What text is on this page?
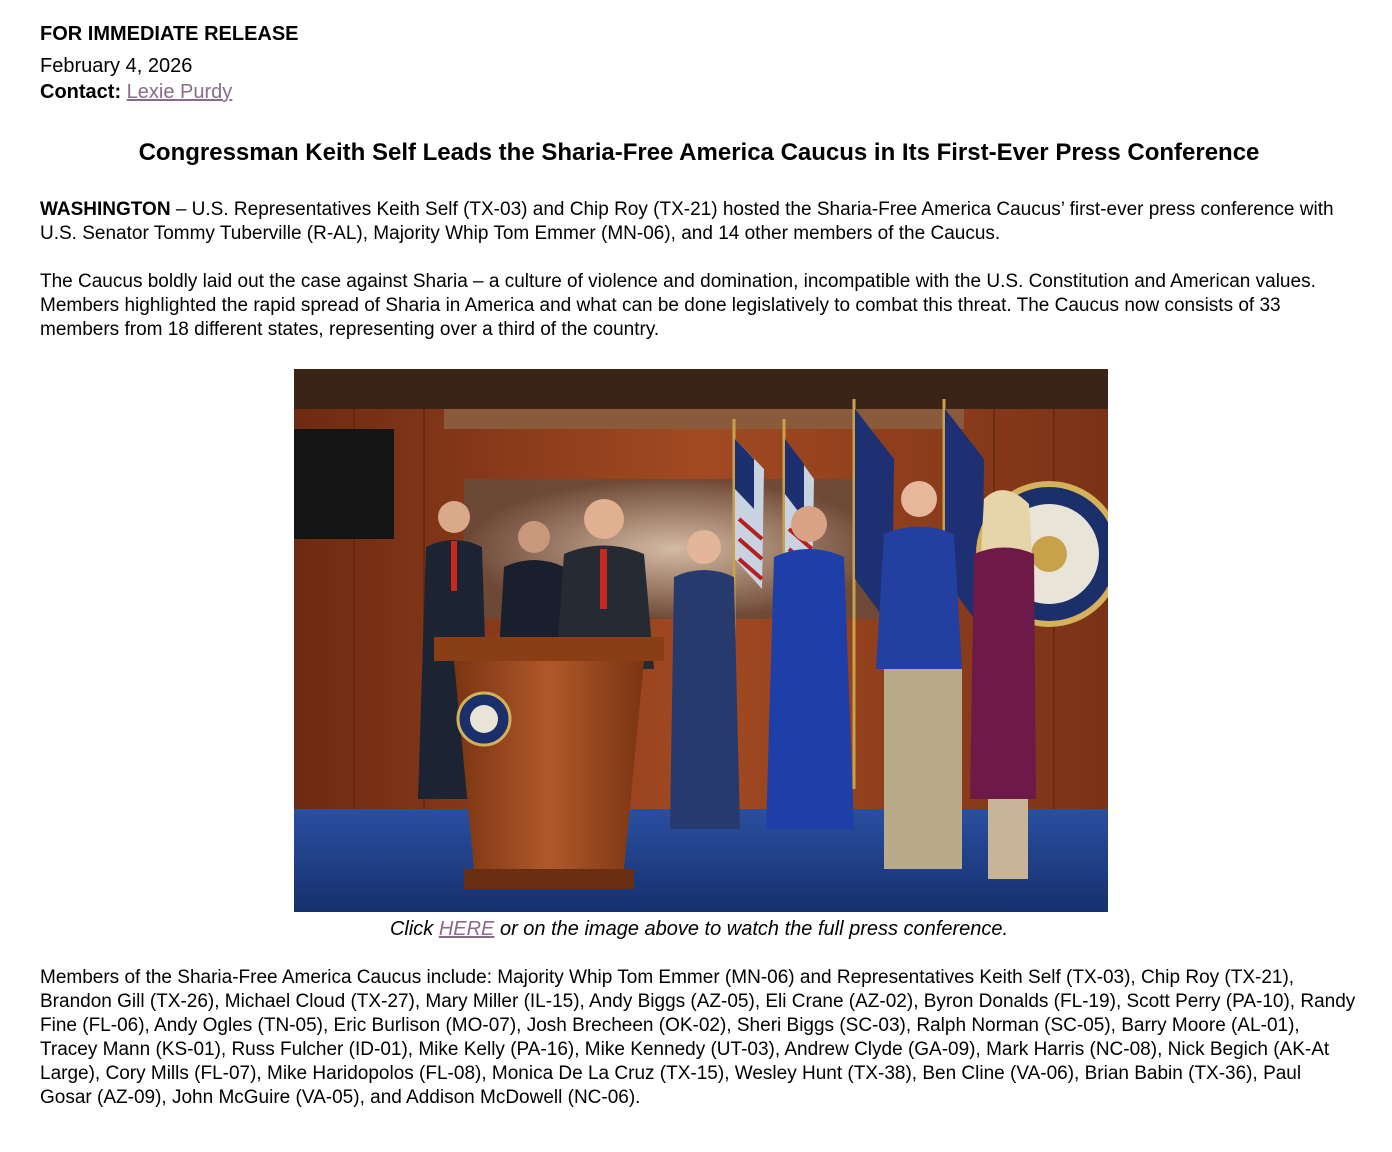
FOR IMMEDIATE RELEASE
February 4, 2026
Contact: Lexie Purdy
Congressman Keith Self Leads the Sharia-Free America Caucus in Its First-Ever Press Conference

WASHINGTON – U.S. Representatives Keith Self (TX-03) and Chip Roy (TX-21) hosted the Sharia-Free America Caucus’ first-ever press conference with U.S. Senator Tommy Tuberville (R-AL), Majority Whip Tom Emmer (MN-06), and 14 other members of the Caucus.

The Caucus boldly laid out the case against Sharia – a culture of violence and domination, incompatible with the U.S. Constitution and American values. Members highlighted the rapid spread of Sharia in America and what can be done legislatively to combat this threat. The Caucus now consists of 33 members from 18 different states, representing over a third of the country.

Click HERE or on the image above to watch the full press conference.

Members of the Sharia-Free America Caucus include: Majority Whip Tom Emmer (MN-06) and Representatives Keith Self (TX-03), Chip Roy (TX-21), Brandon Gill (TX-26), Michael Cloud (TX-27), Mary Miller (IL-15), Andy Biggs (AZ-05), Eli Crane (AZ-02), Byron Donalds (FL-19), Scott Perry (PA-10), Randy Fine (FL-06), Andy Ogles (TN-05), Eric Burlison (MO-07), Josh Brecheen (OK-02), Sheri Biggs (SC-03), Ralph Norman (SC-05), Barry Moore (AL-01), Tracey Mann (KS-01), Russ Fulcher (ID-01), Mike Kelly (PA-16), Mike Kennedy (UT-03), Andrew Clyde (GA-09), Mark Harris (NC-08), Nick Begich (AK-At Large), Cory Mills (FL-07), Mike Haridopolos (FL-08), Monica De La Cruz (TX-15), Wesley Hunt (TX-38), Ben Cline (VA-06), Brian Babin (TX-36), Paul Gosar (AZ-09), John McGuire (VA-05), and Addison McDowell (NC-06).
